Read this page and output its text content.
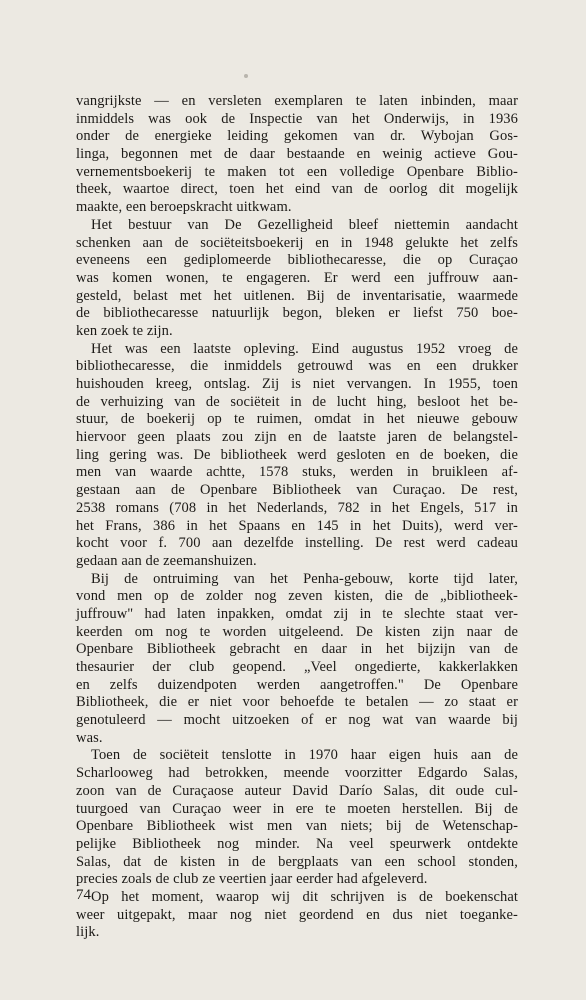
vangrijkste — en versleten exemplaren te laten inbinden, maar
inmiddels was ook de Inspectie van het Onderwijs, in 1936
onder de energieke leiding gekomen van dr. Wybojan Gos-
linga, begonnen met de daar bestaande en weinig actieve Gou-
vernementsboekerij te maken tot een volledige Openbare Biblio-
theek, waartoe direct, toen het eind van de oorlog dit mogelijk
maakte, een beroepskracht uitkwam.
Het bestuur van De Gezelligheid bleef niettemin aandacht
schenken aan de sociëteitsboekerij en in 1948 gelukte het zelfs
eveneens een gediplomeerde bibliothecaresse, die op Curaçao
was komen wonen, te engageren. Er werd een juffrouw aan-
gesteld, belast met het uitlenen. Bij de inventarisatie, waarmede
de bibliothecaresse natuurlijk begon, bleken er liefst 750 boe-
ken zoek te zijn.
Het was een laatste opleving. Eind augustus 1952 vroeg de
bibliothecaresse, die inmiddels getrouwd was en een drukker
huishouden kreeg, ontslag. Zij is niet vervangen. In 1955, toen
de verhuizing van de sociëteit in de lucht hing, besloot het be-
stuur, de boekerij op te ruimen, omdat in het nieuwe gebouw
hiervoor geen plaats zou zijn en de laatste jaren de belangstel-
ling gering was. De bibliotheek werd gesloten en de boeken, die
men van waarde achtte, 1578 stuks, werden in bruikleen af-
gestaan aan de Openbare Bibliotheek van Curaçao. De rest,
2538 romans (708 in het Nederlands, 782 in het Engels, 517 in
het Frans, 386 in het Spaans en 145 in het Duits), werd ver-
kocht voor f. 700 aan dezelfde instelling. De rest werd cadeau
gedaan aan de zeemanshuizen.
Bij de ontruiming van het Penha-gebouw, korte tijd later,
vond men op de zolder nog zeven kisten, die de „bibliotheek-
juffrouw" had laten inpakken, omdat zij in te slechte staat ver-
keerden om nog te worden uitgeleend. De kisten zijn naar de
Openbare Bibliotheek gebracht en daar in het bijzijn van de
thesaurier der club geopend. „Veel ongedierte, kakkerlakken
en zelfs duizendpoten werden aangetroffen." De Openbare
Bibliotheek, die er niet voor behoefde te betalen — zo staat er
genotuleerd — mocht uitzoeken of er nog wat van waarde bij
was.
Toen de sociëteit tenslotte in 1970 haar eigen huis aan de
Scharlooweg had betrokken, meende voorzitter Edgardo Salas,
zoon van de Curaçaose auteur David Darío Salas, dit oude cul-
tuurgoed van Curaçao weer in ere te moeten herstellen. Bij de
Openbare Bibliotheek wist men van niets; bij de Wetenschap-
pelijke Bibliotheek nog minder. Na veel speurwerk ontdekte
Salas, dat de kisten in de bergplaats van een school stonden,
precies zoals de club ze veertien jaar eerder had afgeleverd.
Op het moment, waarop wij dit schrijven is de boekenschat
weer uitgepakt, maar nog niet geordend en dus niet toeganke-
lijk.
74
